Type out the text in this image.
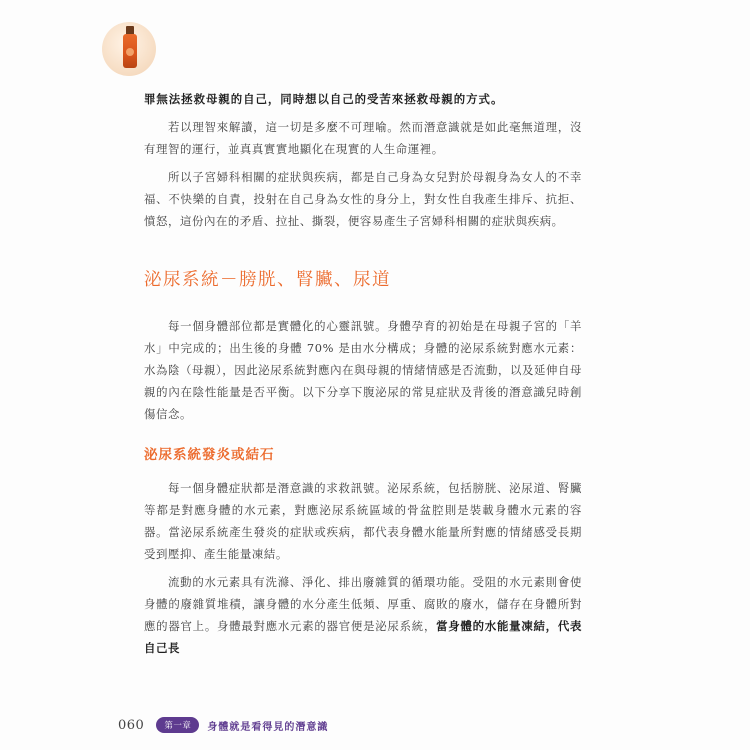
罪無法拯救母親的自己，同時想以自己的受苦來拯救母親的方式。

若以理智來解讀，這一切是多麼不可理喻。然而潛意識就是如此毫無道理，沒有理智的運行，並真真實實地顯化在現實的人生命運裡。

所以子宮婦科相關的症狀與疾病，都是自己身為女兒對於母親身為女人的不幸福、不快樂的自責，投射在自己身為女性的身分上，對女性自我產生排斥、抗拒、憤怒，這份內在的矛盾、拉扯、撕裂，便容易產生子宮婦科相關的症狀與疾病。

泌尿系統－膀胱、腎臟、尿道

每一個身體部位都是實體化的心靈訊號。身體孕育的初始是在母親子宮的「羊水」中完成的；出生後的身體 70% 是由水分構成；身體的泌尿系統對應水元素：水為陰（母親），因此泌尿系統對應內在與母親的情緒情感是否流動，以及延伸自母親的內在陰性能量是否平衡。以下分享下腹泌尿的常見症狀及背後的潛意識兒時創傷信念。

泌尿系統發炎或結石

每一個身體症狀都是潛意識的求救訊號。泌尿系統，包括膀胱、泌尿道、腎臟等都是對應身體的水元素，對應泌尿系統區域的骨盆腔則是裝載身體水元素的容器。當泌尿系統產生發炎的症狀或疾病，都代表身體水能量所對應的情緒感受長期受到壓抑、產生能量凍結。

流動的水元素具有洗滌、淨化、排出廢雜質的循環功能。受阻的水元素則會使身體的廢雜質堆積，讓身體的水分產生低頻、厚重、腐敗的廢水，儲存在身體所對應的器官上。身體最對應水元素的器官便是泌尿系統，當身體的水能量凍結，代表自己長

060	第一章	身體就是看得見的潛意識
